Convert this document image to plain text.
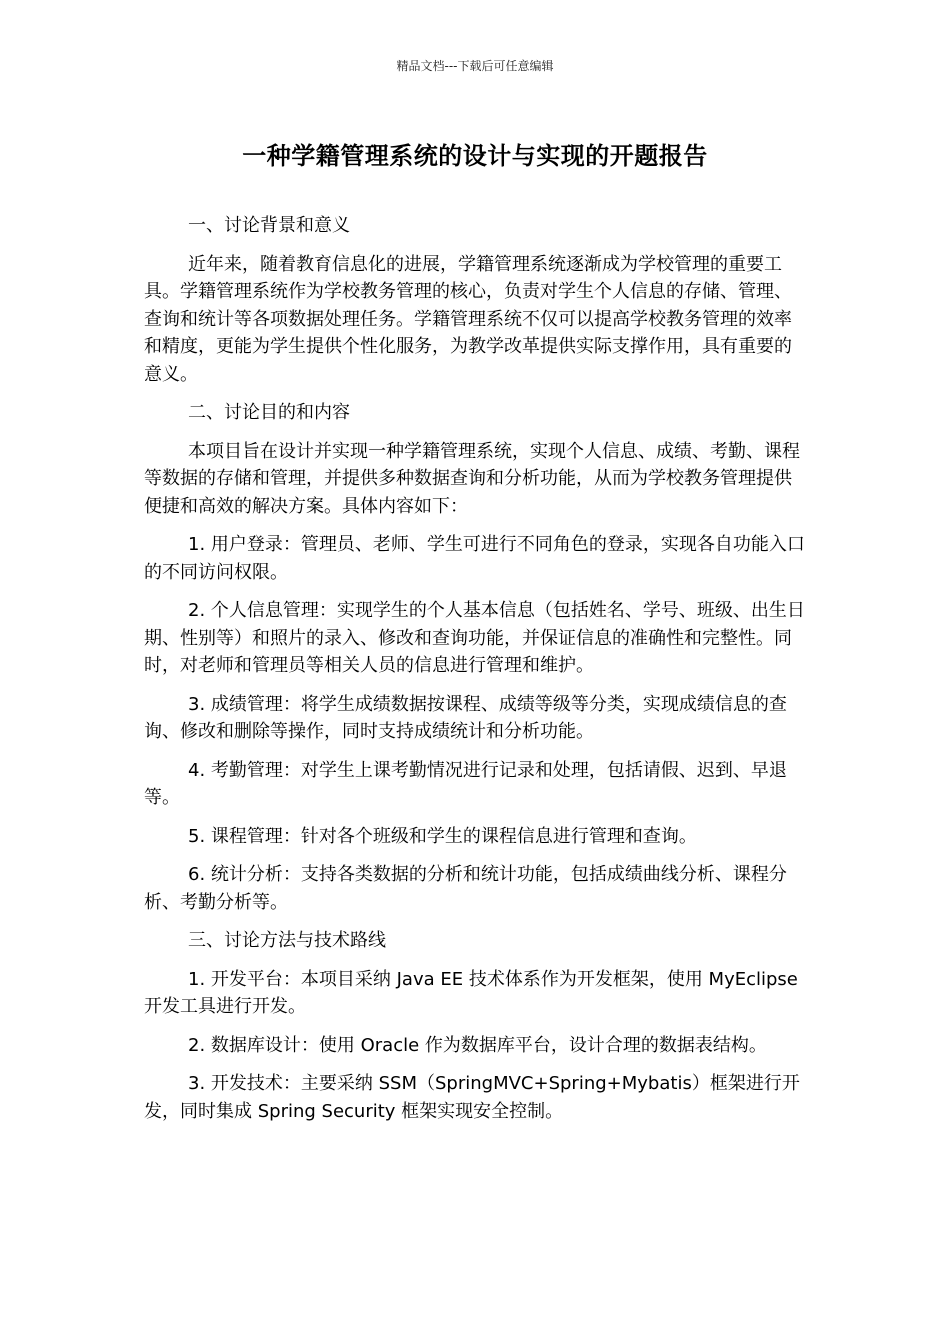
精品文档---下载后可任意编辑
一种学籍管理系统的设计与实现的开题报告

一、讨论背景和意义

近年来，随着教育信息化的进展，学籍管理系统逐渐成为学校管理的重要工具。学籍管理系统作为学校教务管理的核心，负责对学生个人信息的存储、管理、查询和统计等各项数据处理任务。学籍管理系统不仅可以提高学校教务管理的效率和精度，更能为学生提供个性化服务，为教学改革提供实际支撑作用，具有重要的意义。

二、讨论目的和内容

本项目旨在设计并实现一种学籍管理系统，实现个人信息、成绩、考勤、课程等数据的存储和管理，并提供多种数据查询和分析功能，从而为学校教务管理提供便捷和高效的解决方案。具体内容如下：

1. 用户登录：管理员、老师、学生可进行不同角色的登录，实现各自功能入口的不同访问权限。

2. 个人信息管理：实现学生的个人基本信息（包括姓名、学号、班级、出生日期、性别等）和照片的录入、修改和查询功能，并保证信息的准确性和完整性。同时，对老师和管理员等相关人员的信息进行管理和维护。

3. 成绩管理：将学生成绩数据按课程、成绩等级等分类，实现成绩信息的查询、修改和删除等操作，同时支持成绩统计和分析功能。

4. 考勤管理：对学生上课考勤情况进行记录和处理，包括请假、迟到、早退等。

5. 课程管理：针对各个班级和学生的课程信息进行管理和查询。

6. 统计分析：支持各类数据的分析和统计功能，包括成绩曲线分析、课程分析、考勤分析等。

三、讨论方法与技术路线

1. 开发平台：本项目采纳 Java EE 技术体系作为开发框架，使用 MyEclipse 开发工具进行开发。

2. 数据库设计：使用 Oracle 作为数据库平台，设计合理的数据表结构。

3. 开发技术：主要采纳 SSM（SpringMVC+Spring+Mybatis）框架进行开发，同时集成 Spring Security 框架实现安全控制。
